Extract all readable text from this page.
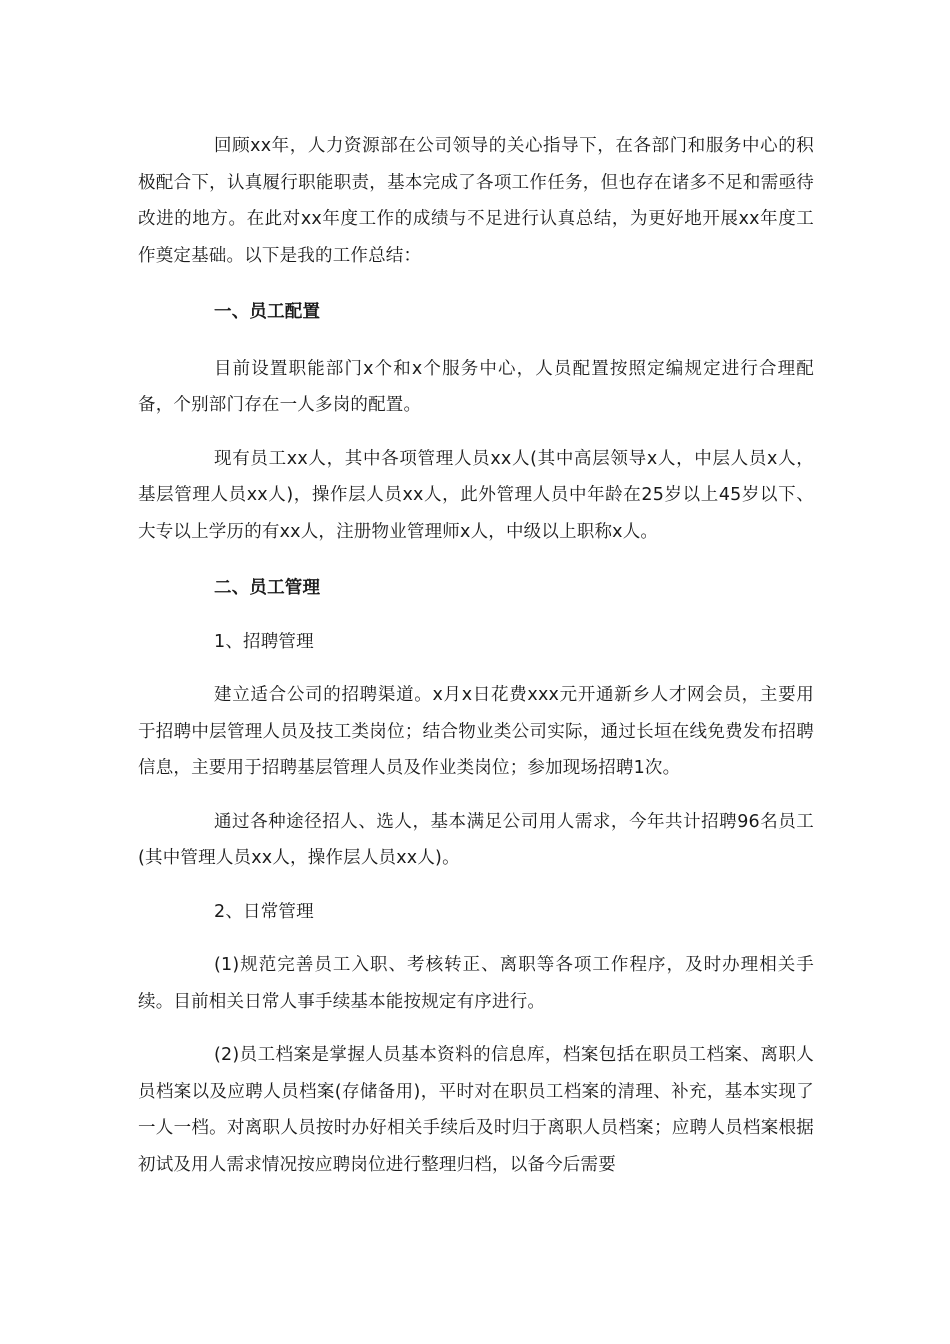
回顾xx年，人力资源部在公司领导的关心指导下，在各部门和服务中心的积极配合下，认真履行职能职责，基本完成了各项工作任务，但也存在诸多不足和需亟待改进的地方。在此对xx年度工作的成绩与不足进行认真总结，为更好地开展xx年度工作奠定基础。以下是我的工作总结：

一、员工配置

目前设置职能部门x个和x个服务中心，人员配置按照定编规定进行合理配备，个别部门存在一人多岗的配置。

现有员工xx人，其中各项管理人员xx人(其中高层领导x人，中层人员x人，基层管理人员xx人)，操作层人员xx人，此外管理人员中年龄在25岁以上45岁以下、大专以上学历的有xx人，注册物业管理师x人，中级以上职称x人。

二、员工管理

1、招聘管理

建立适合公司的招聘渠道。x月x日花费xxx元开通新乡人才网会员，主要用于招聘中层管理人员及技工类岗位；结合物业类公司实际，通过长垣在线免费发布招聘信息，主要用于招聘基层管理人员及作业类岗位；参加现场招聘1次。

通过各种途径招人、选人，基本满足公司用人需求，今年共计招聘96名员工(其中管理人员xx人，操作层人员xx人)。

2、日常管理

(1)规范完善员工入职、考核转正、离职等各项工作程序，及时办理相关手续。目前相关日常人事手续基本能按规定有序进行。

(2)员工档案是掌握人员基本资料的信息库，档案包括在职员工档案、离职人员档案以及应聘人员档案(存储备用)，平时对在职员工档案的清理、补充，基本实现了一人一档。对离职人员按时办好相关手续后及时归于离职人员档案；应聘人员档案根据初试及用人需求情况按应聘岗位进行整理归档，以备今后需要
